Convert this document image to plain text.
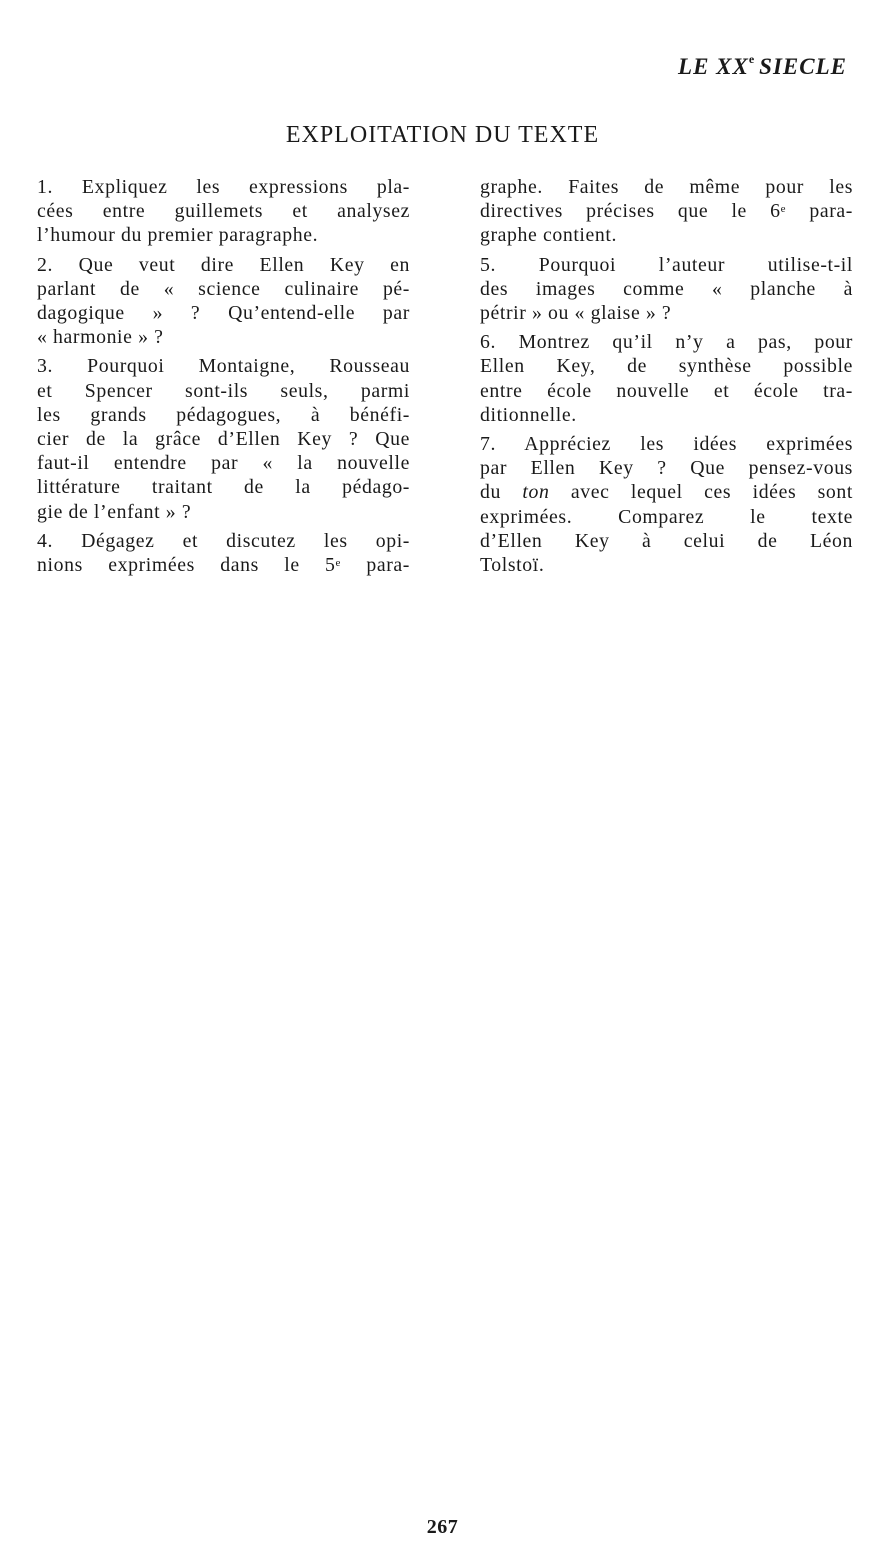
LE XXe SIECLE
EXPLOITATION DU TEXTE
1. Expliquez les expressions pla-
cées entre guillemets et analysez
l’humour du premier paragraphe.
2. Que veut dire Ellen Key en
parlant de « science culinaire pé-
dagogique » ? Qu’entend-elle par
« harmonie » ?
3. Pourquoi Montaigne, Rousseau
et Spencer sont-ils seuls, parmi
les grands pédagogues, à bénéfi-
cier de la grâce d’Ellen Key ? Que
faut-il entendre par « la nouvelle
littérature traitant de la pédago-
gie de l’enfant » ?
4. Dégagez et discutez les opi-
nions exprimées dans le 5e para-
graphe. Faites de même pour les
directives précises que le 6e para-
graphe contient.
5. Pourquoi l’auteur utilise-t-il
des images comme « planche à
pétrir » ou « glaise » ?
6. Montrez qu’il n’y a pas, pour
Ellen Key, de synthèse possible
entre école nouvelle et école tra-
ditionnelle.
7. Appréciez les idées exprimées
par Ellen Key ? Que pensez-vous
du ton avec lequel ces idées sont
exprimées. Comparez le texte
d’Ellen Key à celui de Léon
Tolstoï.
267
